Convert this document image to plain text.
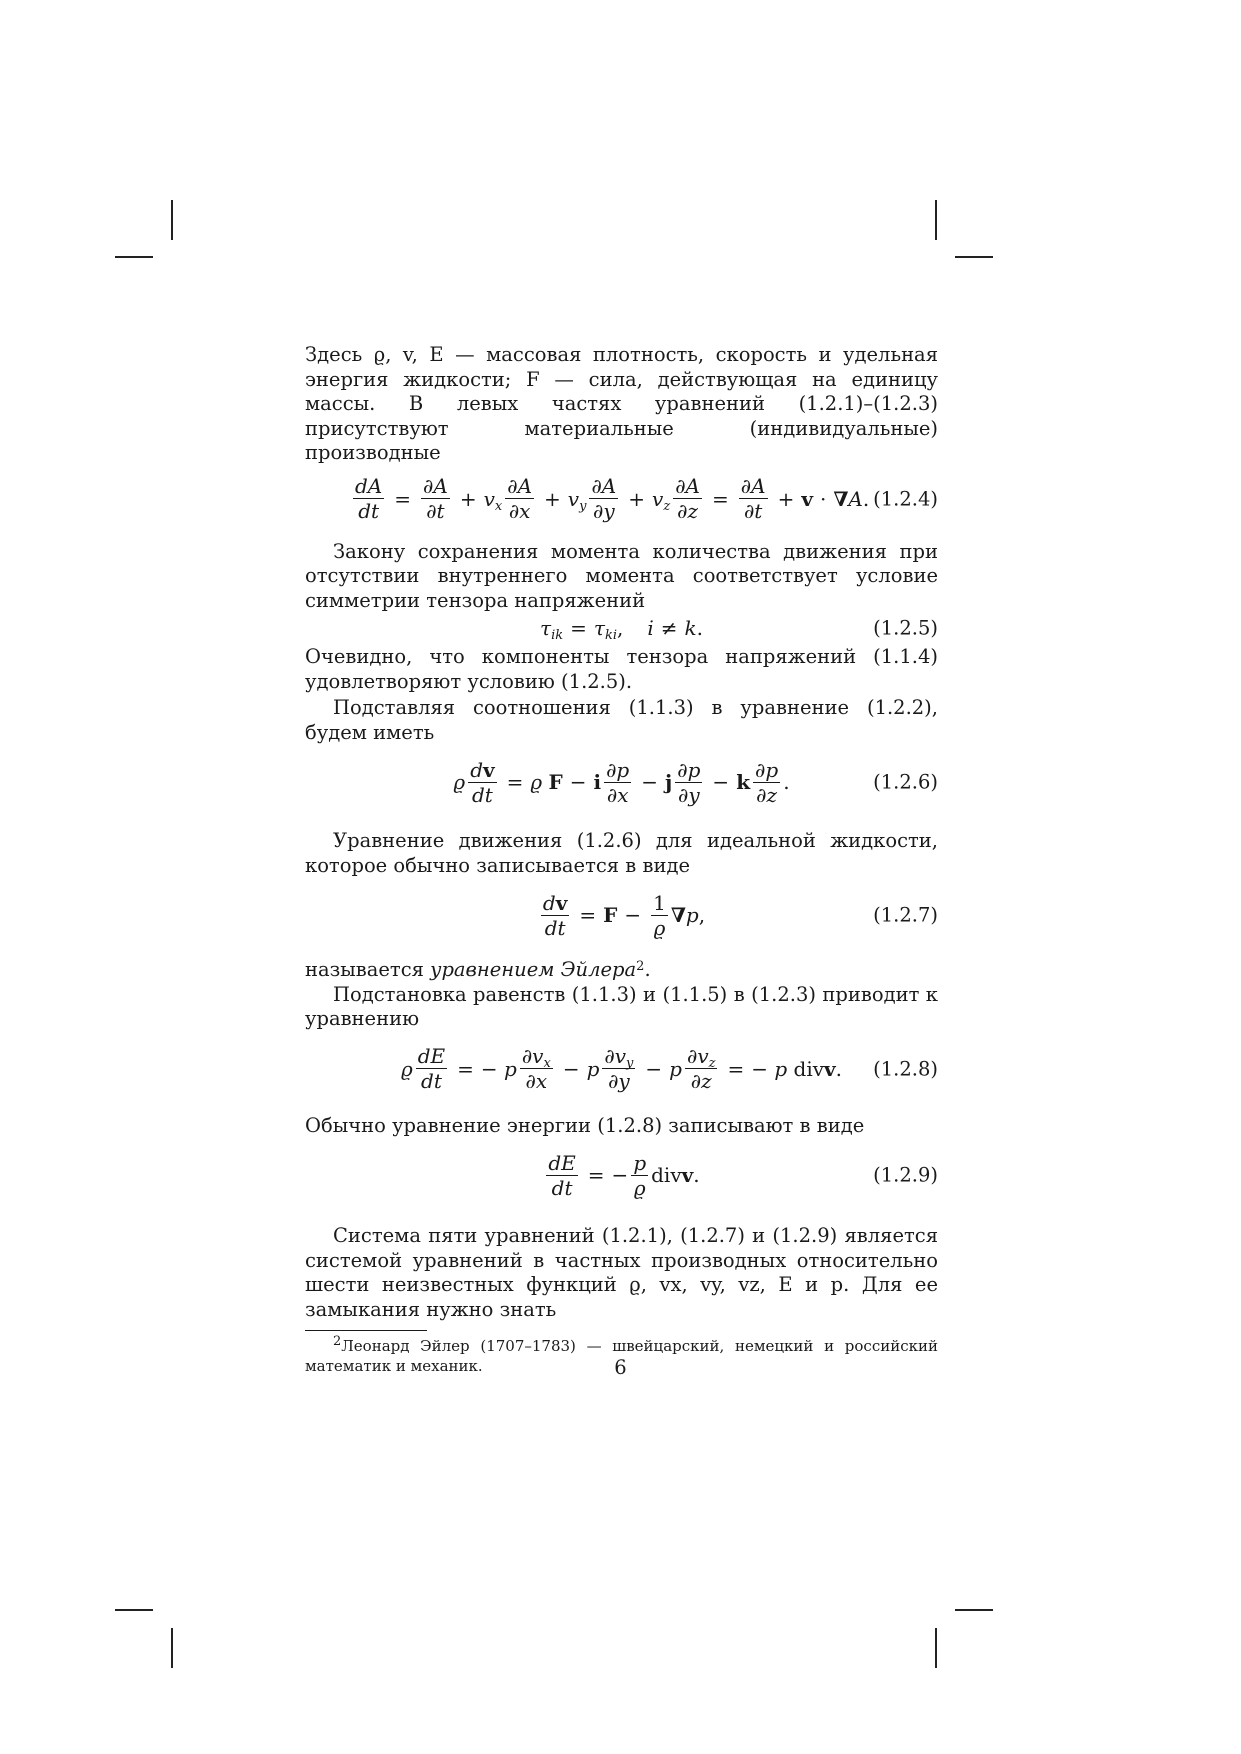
Здесь ϱ, v, E — массовая плотность, скорость и удельная энергия жидкости; F — сила, действующая на единицу массы. В левых частях уравнений (1.2.1)–(1.2.3) присутствуют материальные (индивидуальные) производные

$\frac{dA}{dt} = \frac{\partial A}{\partial t} + v_x \frac{\partial A}{\partial x} + v_y \frac{\partial A}{\partial y} + v_z \frac{\partial A}{\partial z} = \frac{\partial A}{\partial t} + v$ · ∇ A . (1.2.4)

Закону сохранения момента количества движения при отсутствии внутреннего момента соответствует условие симметрии тензора напряжений

$\tau_{ik} = \tau_{ki}$ , i ≠ k .	(1.2.5)

Очевидно, что компоненты тензора напряжений (1.1.4) удовлетворяют условию (1.2.5).

Подставляя соотношения (1.1.3) в уравнение (1.2.2), будем иметь

ϱ $\frac{dv}{dt} = ϱ$
F − i $\frac{\partial p}{\partial x} - j \frac{\partial p}{\partial y} - k \frac{\partial p}{\partial z}$ .	(1.2.6)

Уравнение движения (1.2.6) для идеальной жидкости, которое обычно записывается в виде

$\frac{dv}{dt} = F - \frac{1}{ϱ}$ ∇ p ,	(1.2.7)

называется уравнением Эйлера$^2$.

Подстановка равенств (1.1.3) и (1.1.5) в (1.2.3) приводит к уравнению

ϱ $\frac{dE}{dt}$ = − p $\frac{\partial v_x}{\partial x} - p \frac{\partial v_y}{\partial y} - p \frac{\partial v_z}{\partial z}$ = − p div v .	(1.2.8)

Обычно уравнение энергии (1.2.8) записывают в виде

$\frac{dE}{dt}$ = − $\frac{p}{ϱ}$ div v .	(1.2.9)

Система пяти уравнений (1.2.1), (1.2.7) и (1.2.9) является системой уравнений в частных производных относительно шести неизвестных функций ϱ, vx, vy, vz, E и p. Для ее замыкания нужно знать

$^2$Леонард Эйлер (1707–1783) — швейцарский, немецкий и российский математик и механик.	6
